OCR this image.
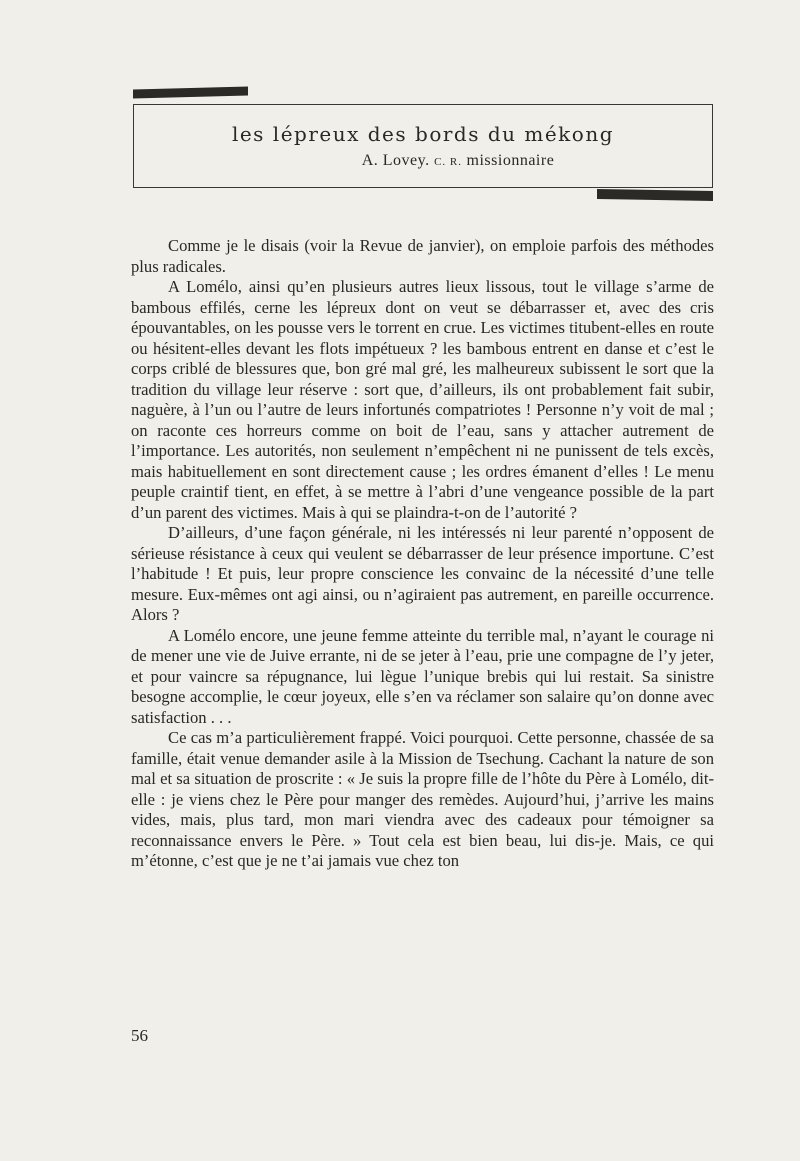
les lépreux des bords du mékong
A. Lovey. C. R. missionnaire

Comme je le disais (voir la Revue de janvier), on emploie parfois des méthodes plus radicales.

A Lomélo, ainsi qu’en plusieurs autres lieux lissous, tout le village s’arme de bambous effilés, cerne les lépreux dont on veut se débarrasser et, avec des cris épouvantables, on les pousse vers le torrent en crue. Les victimes titubent-elles en route ou hésitent-elles devant les flots impétueux ? les bambous entrent en danse et c’est le corps criblé de blessures que, bon gré mal gré, les malheureux subissent le sort que la tradition du village leur réserve : sort que, d’ailleurs, ils ont probablement fait subir, naguère, à l’un ou l’autre de leurs infortunés compatriotes ! Personne n’y voit de mal ; on raconte ces horreurs comme on boit de l’eau, sans y attacher autrement de l’importance. Les autorités, non seulement n’empêchent ni ne punissent de tels excès, mais habituellement en sont directement cause ; les ordres émanent d’elles ! Le menu peuple craintif tient, en effet, à se mettre à l’abri d’une vengeance possible de la part d’un parent des victimes. Mais à qui se plaindra-t-on de l’autorité ?

D’ailleurs, d’une façon générale, ni les intéressés ni leur parenté n’opposent de sérieuse résistance à ceux qui veulent se débarrasser de leur présence importune. C’est l’habitude ! Et puis, leur propre conscience les convainc de la nécessité d’une telle mesure. Eux-mêmes ont agi ainsi, ou n’agiraient pas autrement, en pareille occurrence. Alors ?

A Lomélo encore, une jeune femme atteinte du terrible mal, n’ayant le courage ni de mener une vie de Juive errante, ni de se jeter à l’eau, prie une compagne de l’y jeter, et pour vaincre sa répugnance, lui lègue l’unique brebis qui lui restait. Sa sinistre besogne accomplie, le cœur joyeux, elle s’en va réclamer son salaire qu’on donne avec satisfaction . . .

Ce cas m’a particulièrement frappé. Voici pourquoi. Cette personne, chassée de sa famille, était venue demander asile à la Mission de Tsechung. Cachant la nature de son mal et sa situation de proscrite : « Je suis la propre fille de l’hôte du Père à Lomélo, dit-elle : je viens chez le Père pour manger des remèdes. Aujourd’hui, j’arrive les mains vides, mais, plus tard, mon mari viendra avec des cadeaux pour témoigner sa reconnaissance envers le Père. » Tout cela est bien beau, lui dis-je. Mais, ce qui m’étonne, c’est que je ne t’ai jamais vue chez ton

56
